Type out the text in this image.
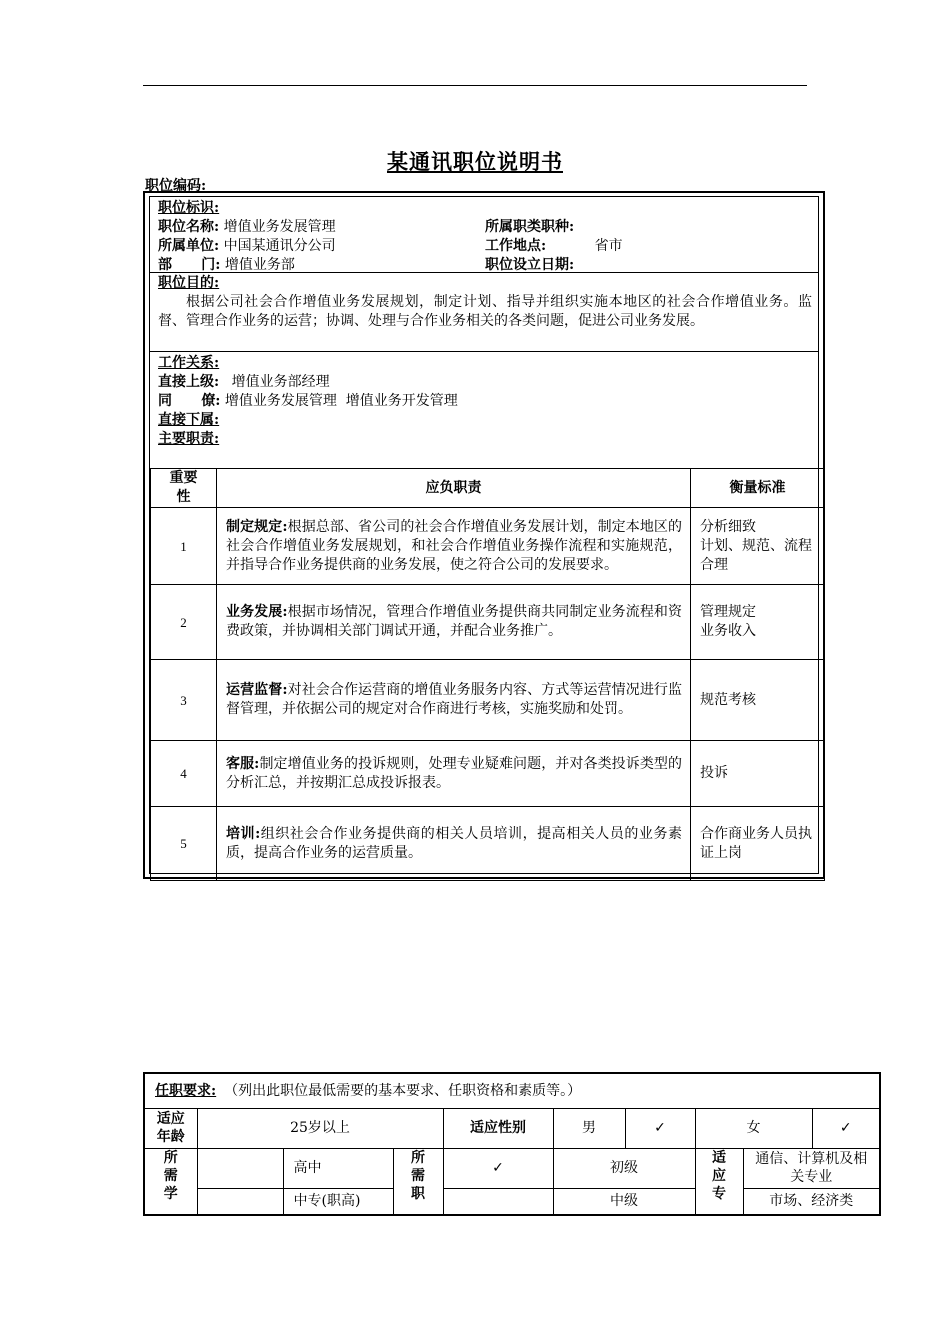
某通讯职位说明书
职位编码:
职位标识:
职位名称: 增值业务发展管理	所属职类职种:
所属单位: 中国某通讯分公司	工作地点:	省市
部      门: 增值业务部	职位设立日期:
职位目的:
根据公司社会合作增值业务发展规划，制定计划、指导并组织实施本地区的社会合作增值业务。监督、管理合作业务的运营；协调、处理与合作业务相关的各类问题，促进公司业务发展。
工作关系:
直接上级: 增值业务部经理
同      僚: 增值业务发展管理  增值业务开发管理
直接下属:
主要职责:
重要性	应负职责	衡量标准
1	制定规定:根据总部、省公司的社会合作增值业务发展计划，制定本地区的社会合作增值业务发展规划，和社会合作增值业务操作流程和实施规范，并指导合作业务提供商的业务发展，使之符合公司的发展要求。	分析细致
计划、规范、流程合理
2	业务发展:根据市场情况，管理合作增值业务提供商共同制定业务流程和资费政策，并协调相关部门调试开通，并配合业务推广。	管理规定
业务收入
3	运营监督:对社会合作运营商的增值业务服务内容、方式等运营情况进行监督管理，并依据公司的规定对合作商进行考核，实施奖励和处罚。	规范考核
4	客服:制定增值业务的投诉规则，处理专业疑难问题，并对各类投诉类型的分析汇总，并按期汇总成投诉报表。	投诉
5	培训:组织社会合作业务提供商的相关人员培训，提高相关人员的业务素质，提高合作业务的运营质量。	合作商业务人员执证上岗
任职要求: （列出此职位最低需要的基本要求、任职资格和素质等。）									
适应年龄	25岁以上			适应性别	男	✓	女		✓
所需学		高中	所需职	✓	初级		适应专	通信、计算机及相关专业	
		中专(职高)			中级			市场、经济类	
